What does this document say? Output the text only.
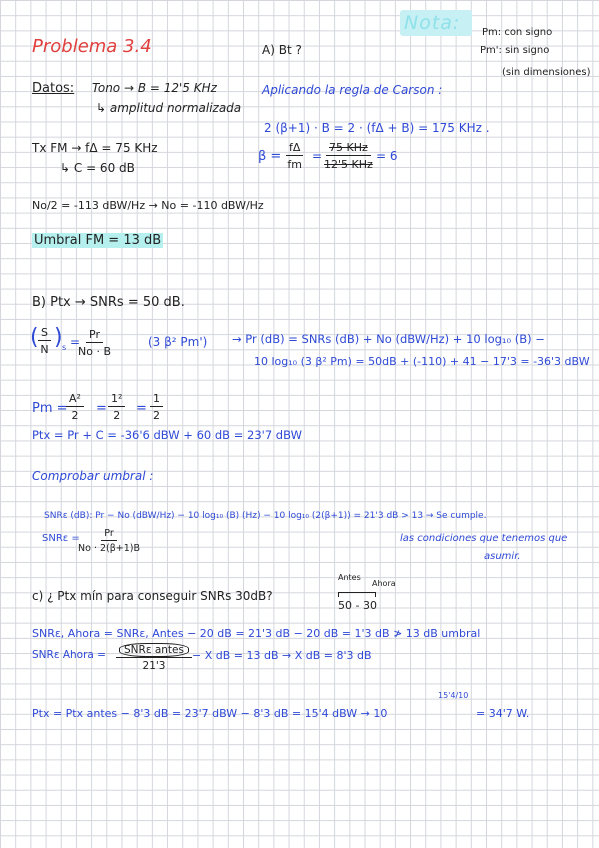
Problema 3.4
Nota: Pm: con signo
Pm': sin signo
(sin dimensiones)
A) Bt ?
Aplicando la regla de Carson :
2 (β+1) · B = 2 · (fΔ + B) = 175 KHz .
$\beta = \frac{f\Delta}{fm}$ =
75 KHz
12'5 KHz
= 6
Datos: Tono → B = 12'5 KHz
↳ amplitud normalizada
Tx FM → fΔ = 75 KHz
↳ C = 60 dB
No/2 = -113 dBW/Hz → No = -110 dBW/Hz
Umbral FM = 13 dB
B) Ptx → SNRs = 50 dB.
( $\frac{S}{N}$ ) s =
$\frac{Pr}{No \cdot B}$	(3 β² Pm') → Pr (dB) = SNRs (dB) + No (dBW/Hz) + 10 log₁₀ (B) −
10 log₁₀ (3 β² Pm) = 50dB + (-110) + 41 − 17'3 = -36'3 dBW
Pm =
$\frac{\text{A²}}{2} = \frac{\text{1²}}{2} = \frac{1}{2}$
Ptx = Pr + C = -36'6 dBW + 60 dB = 23'7 dBW
Comprobar umbral :
SNRε (dB): Pr − No (dBW/Hz) − 10 log₁₀ (B) (Hz) − 10 log₁₀ (2(β+1)) = 21'3 dB > 13 → Se cumple.
SNRε =
$\frac{Pr}{No \cdot 2(\beta+1)B}$	las condiciones que tenemos que
asumir.
c) ¿ Ptx mín para conseguir SNRs 30dB?
Antes
Ahora
50 - 30
SNRε, Ahora = SNRε, Antes − 20 dB = 21'3 dB − 20 dB = 1'3 dB ≯ 13 dB umbral
SNRε Ahora =	SNRε antes
21'3
− X dB = 13 dB → X dB = 8'3 dB
Ptx = Ptx antes − 8'3 dB = 23'7 dBW − 8'3 dB = 15'4 dBW → 10
15'4/10
= 34'7 W.
